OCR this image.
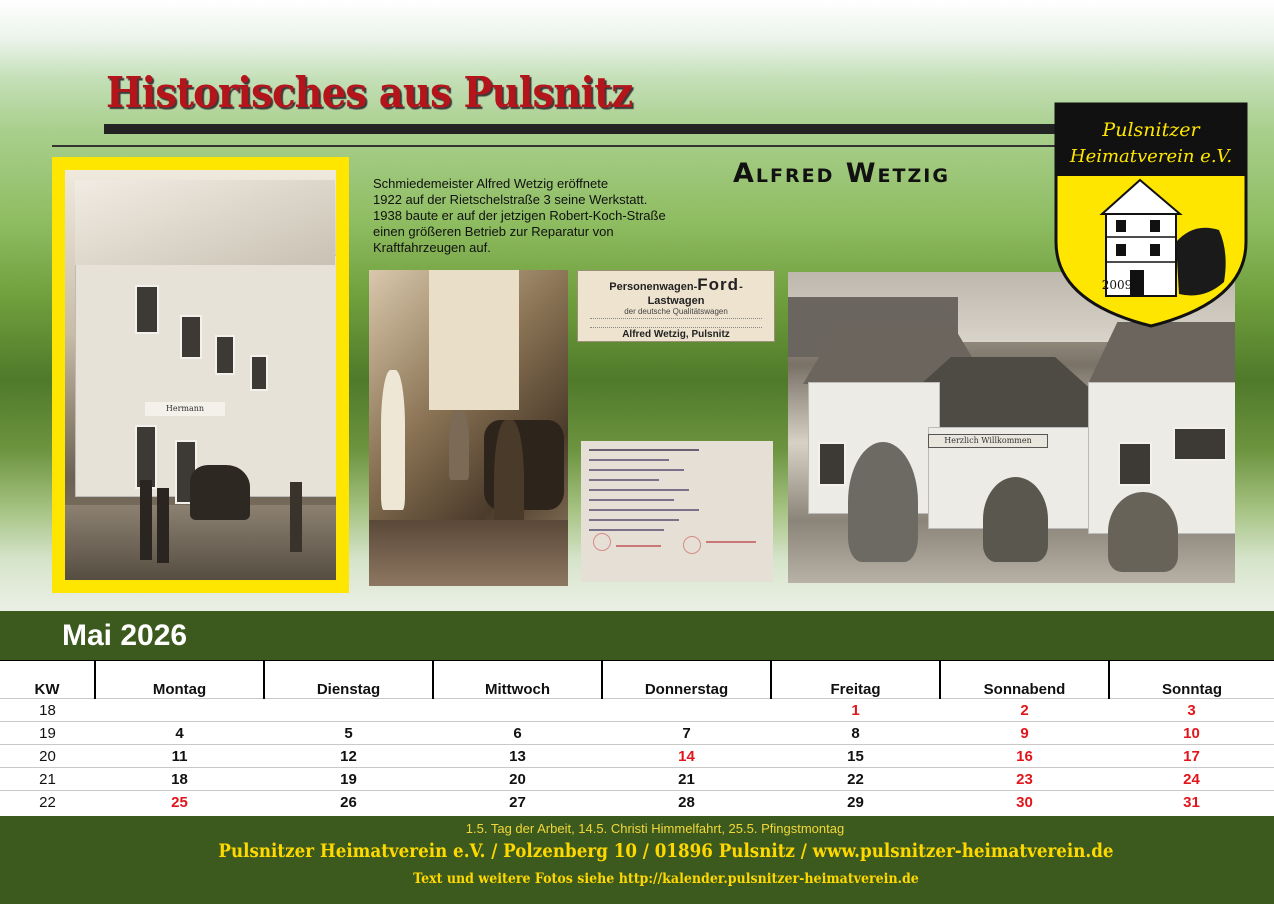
Historisches aus Pulsnitz
Hermann

Schmiedemeister Alfred Wetzig eröffnete
1922 auf der Rietschelstraße 3 seine Werkstatt.
1938 baute er auf der jetzigen Robert-Koch-Straße
einen größeren Betrieb zur Reparatur von
Kraftfahrzeugen auf.

Alfred Wetzig
Personenwagen-Ford-Lastwagen
der deutsche Qualitätswagen
Alfred Wetzig, Pulsnitz
Herzlich Willkommen
Pulsnitzer
Heimatverein e.V.
2009
Mai 2026
KW	Montag	Dienstag	Mittwoch	Donnerstag	Freitag	Sonnabend	Sonntag
18					1	2	3
19	4	5	6	7	8	9	10
20	11	12	13	14	15	16	17
21	18	19	20	21	22	23	24
22	25	26	27	28	29	30	31

1.5. Tag der Arbeit, 14.5. Christi Himmelfahrt, 25.5. Pfingstmontag

Pulsnitzer Heimatverein e.V. / Polzenberg 10 / 01896 Pulsnitz / www.pulsnitzer-heimatverein.de

Text und weitere Fotos siehe http://kalender.pulsnitzer-heimatverein.de
